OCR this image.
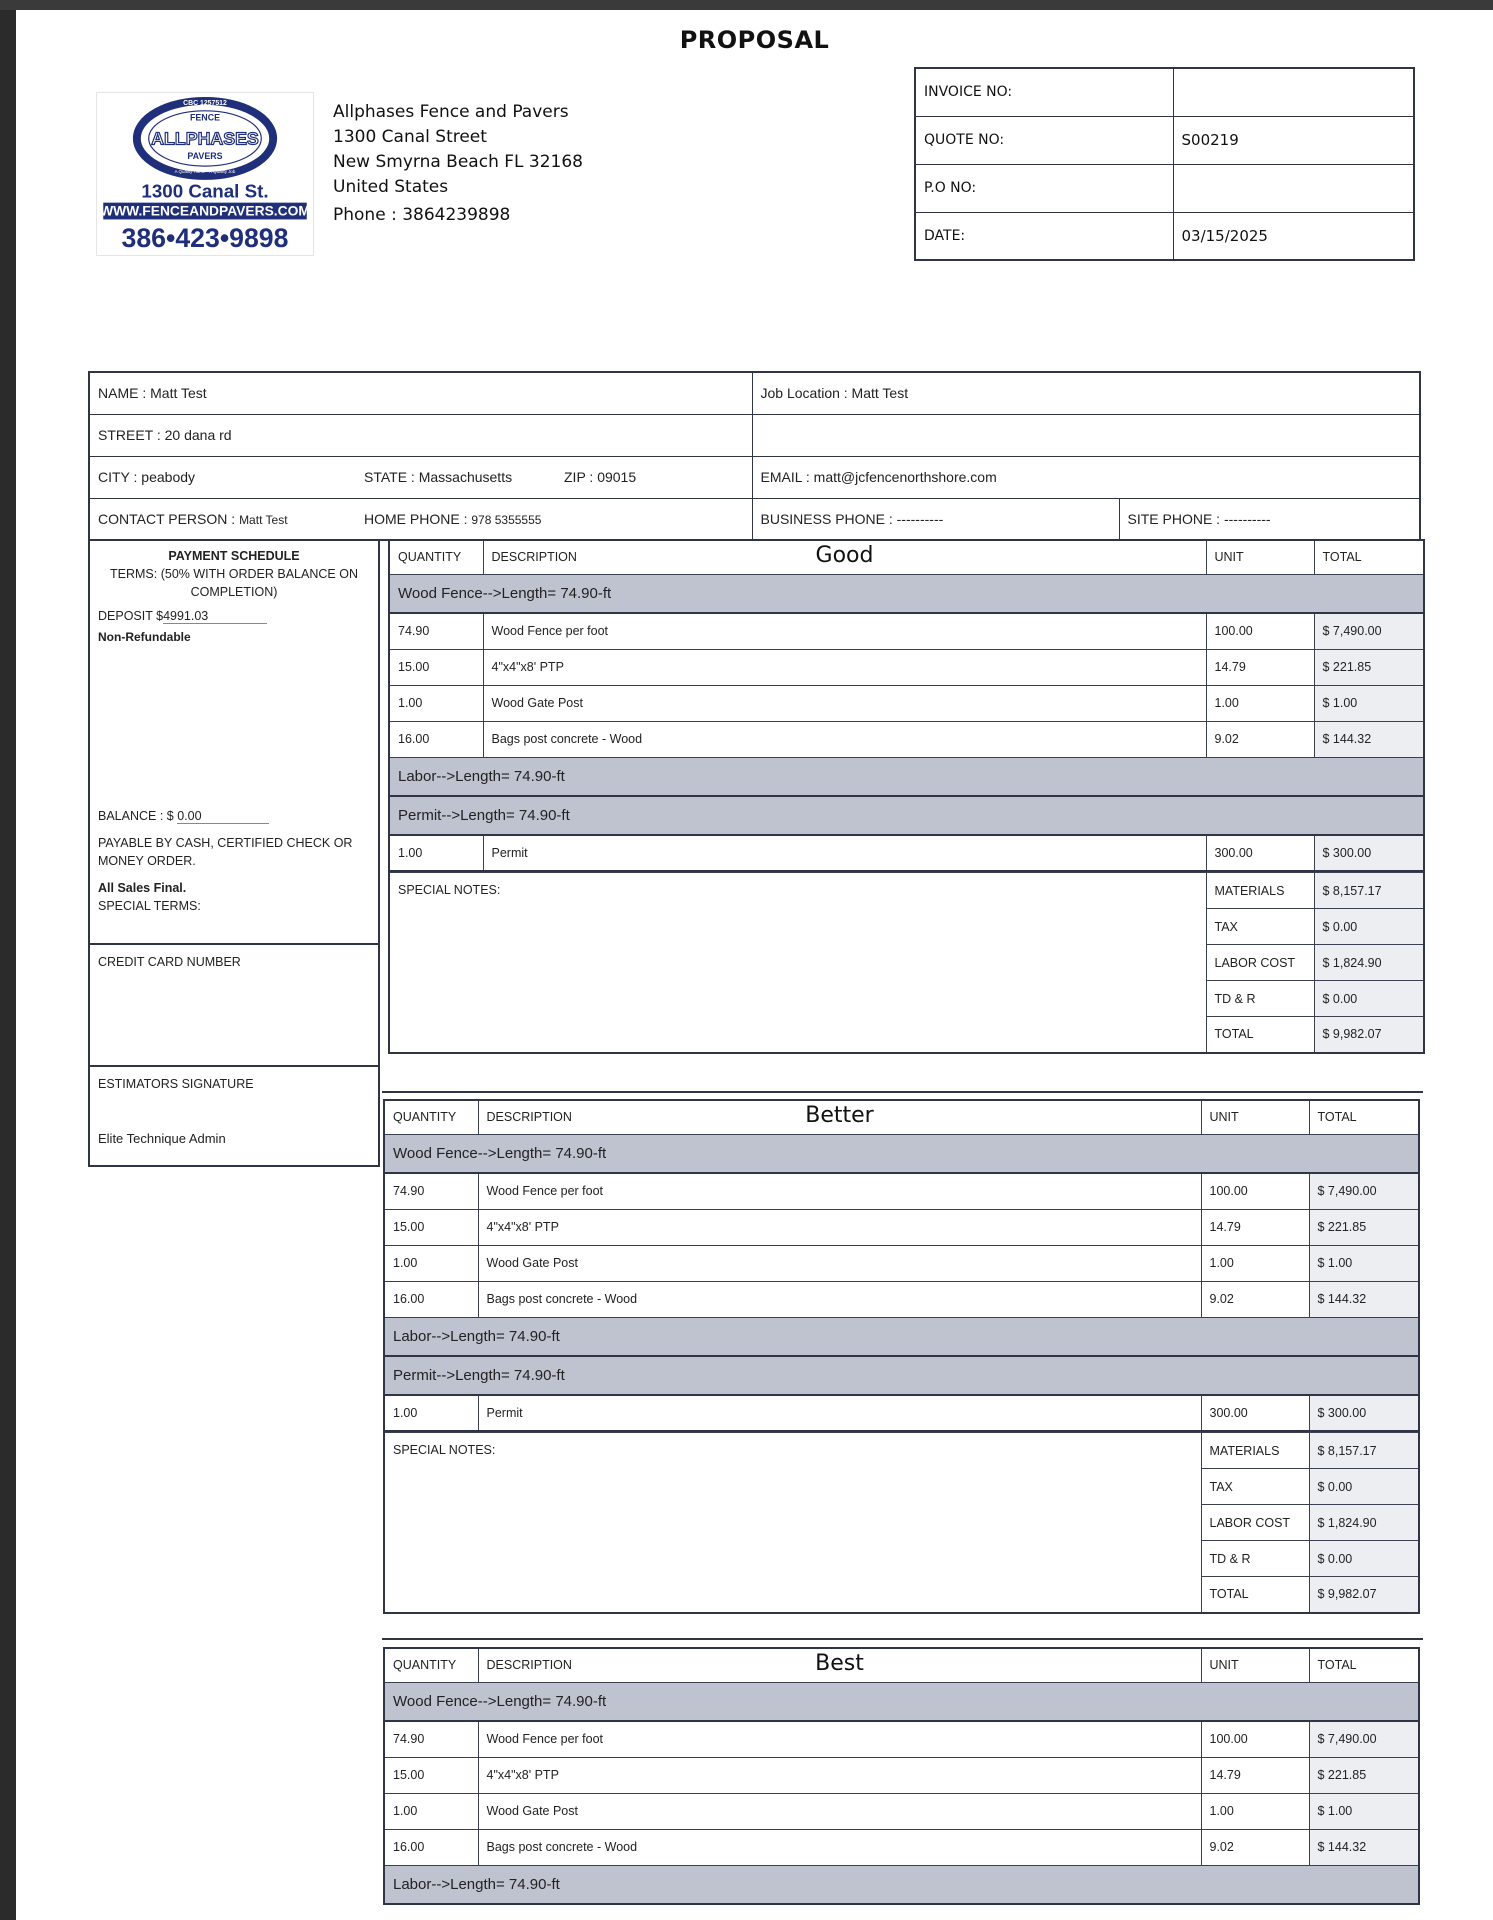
PROPOSAL
CBC 1257512
FENCE
ALLPHASES
PAVERS
A Quality Home • A Quality Job
1300 Canal St.
WWW.FENCEANDPAVERS.COM
386•423•9898
Allphases Fence and Pavers
1300 Canal Street
New Smyrna Beach FL 32168
United States
Phone : 3864239898
INVOICE NO:	
QUOTE NO:	S00219
P.O NO:	
DATE:	03/15/2025
NAME : Matt Test	Job Location : Matt Test	
STREET : 20 dana rd		
CITY : peabody STATE : Massachusetts ZIP : 09015	EMAIL : matt@jcfencenorthshore.com	
CONTACT PERSON : Matt Test HOME PHONE : 978 5355555	BUSINESS PHONE : ----------	SITE PHONE : ----------
PAYMENT SCHEDULE
TERMS: (50% WITH ORDER BALANCE ON COMPLETION)
DEPOSIT $4991.03
Non-Refundable
BALANCE : $ 0.00
PAYABLE BY CASH, CERTIFIED CHECK OR MONEY ORDER.
All Sales Final.
SPECIAL TERMS:
CREDIT CARD NUMBER
ESTIMATORS SIGNATURE
Elite Technique Admin
QUANTITY	DESCRIPTION Good	UNIT	TOTAL
Wood Fence-->Length= 74.90-ft			
74.90	Wood Fence per foot	100.00	$ 7,490.00
15.00	4"x4"x8' PTP	14.79	$ 221.85
1.00	Wood Gate Post	1.00	$ 1.00
16.00	Bags post concrete - Wood	9.02	$ 144.32
Labor-->Length= 74.90-ft			
Permit-->Length= 74.90-ft			
1.00	Permit	300.00	$ 300.00
SPECIAL NOTES:	MATERIALS	$ 8,157.17
	TAX	$ 0.00
	LABOR COST	$ 1,824.90
	TD & R	$ 0.00
	TOTAL	$ 9,982.07
QUANTITY	DESCRIPTION Better	UNIT	TOTAL
Wood Fence-->Length= 74.90-ft			
74.90	Wood Fence per foot	100.00	$ 7,490.00
15.00	4"x4"x8' PTP	14.79	$ 221.85
1.00	Wood Gate Post	1.00	$ 1.00
16.00	Bags post concrete - Wood	9.02	$ 144.32
Labor-->Length= 74.90-ft			
Permit-->Length= 74.90-ft			
1.00	Permit	300.00	$ 300.00
SPECIAL NOTES:	MATERIALS	$ 8,157.17
	TAX	$ 0.00
	LABOR COST	$ 1,824.90
	TD & R	$ 0.00
	TOTAL	$ 9,982.07
QUANTITY	DESCRIPTION Best	UNIT	TOTAL
Wood Fence-->Length= 74.90-ft			
74.90	Wood Fence per foot	100.00	$ 7,490.00
15.00	4"x4"x8' PTP	14.79	$ 221.85
1.00	Wood Gate Post	1.00	$ 1.00
16.00	Bags post concrete - Wood	9.02	$ 144.32
Labor-->Length= 74.90-ft			
